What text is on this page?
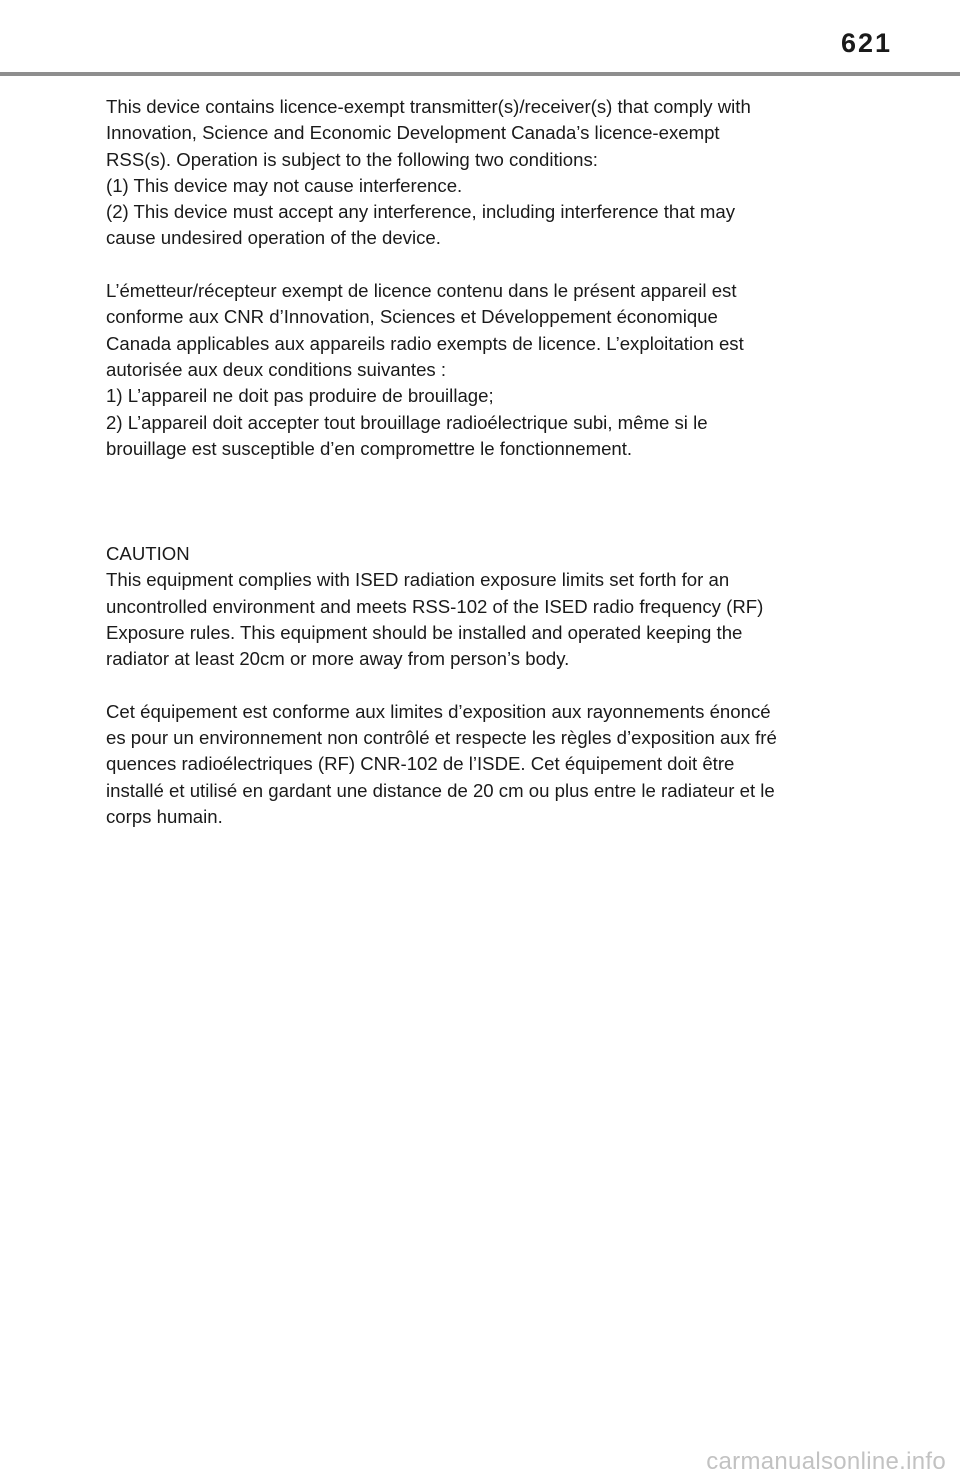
621
This device contains licence-exempt transmitter(s)/receiver(s) that comply with
Innovation, Science and Economic Development Canada’s licence-exempt
RSS(s). Operation is subject to the following two conditions:
(1) This device may not cause interference.
(2) This device must accept any interference, including interference that may
cause undesired operation of the device.
L’émetteur/récepteur exempt de licence contenu dans le présent appareil est
conforme aux CNR d’Innovation, Sciences et Développement économique
Canada applicables aux appareils radio exempts de licence. L’exploitation est
autorisée aux deux conditions suivantes :
1) L’appareil ne doit pas produire de brouillage;
2) L’appareil doit accepter tout brouillage radioélectrique subi, même si le
brouillage est susceptible d’en compromettre le fonctionnement.
CAUTION
This equipment complies with ISED radiation exposure limits set forth for an
uncontrolled environment and meets RSS-102 of the ISED radio frequency (RF)
Exposure rules. This equipment should be installed and operated keeping the
radiator at least 20cm or more away from person’s body.
Cet équipement est conforme aux limites d’exposition aux rayonnements énoncé
es pour un environnement non contrôlé et respecte les règles d’exposition aux fré
quences radioélectriques (RF) CNR-102 de l’ISDE. Cet équipement doit être
installé et utilisé en gardant une distance de 20 cm ou plus entre le radiateur et le
corps humain.
carmanualsonline.info
